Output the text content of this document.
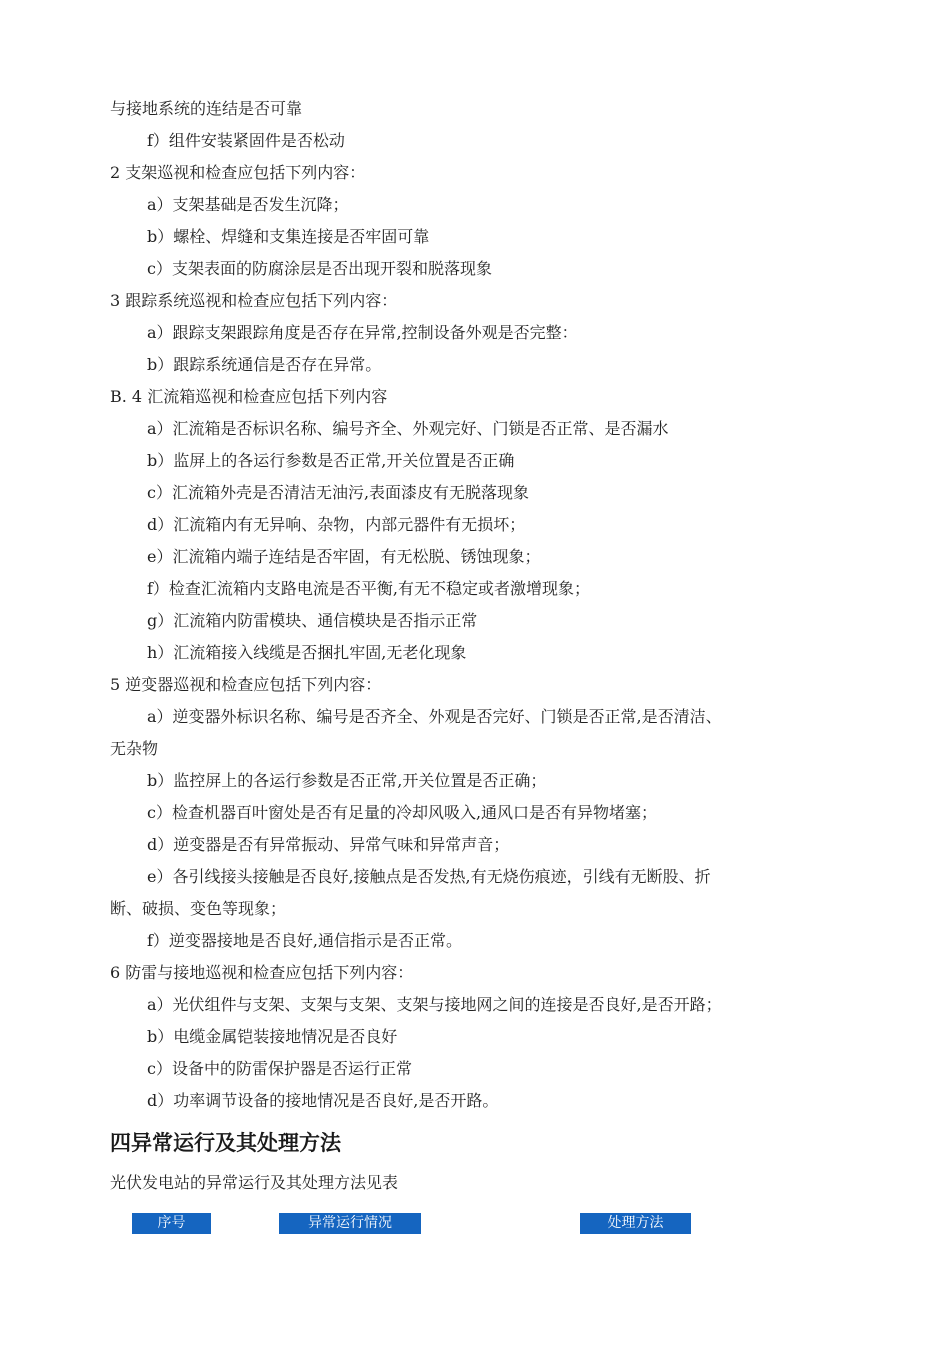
与接地系统的连结是否可靠
f）组件安装紧固件是否松动
2 支架巡视和检查应包括下列内容：
a）支架基础是否发生沉降；
b）螺栓、焊缝和支集连接是否牢固可靠
c）支架表面的防腐涂层是否出现开裂和脱落现象
3 跟踪系统巡视和检查应包括下列内容：
a）跟踪支架跟踪角度是否存在异常,控制设备外观是否完整：
b）跟踪系统通信是否存在异常。
B. 4 汇流箱巡视和检查应包括下列内容
a）汇流箱是否标识名称、编号齐全、外观完好、门锁是否正常、是否漏水
b）监屏上的各运行参数是否正常,开关位置是否正确
c）汇流箱外壳是否清洁无油污,表面漆皮有无脱落现象
d）汇流箱内有无异响、杂物，内部元器件有无损坏；
e）汇流箱内端子连结是否牢固，有无松脱、锈蚀现象；
f）检查汇流箱内支路电流是否平衡,有无不稳定或者激增现象；
g）汇流箱内防雷模块、通信模块是否指示正常
h）汇流箱接入线缆是否捆扎牢固,无老化现象
5 逆变器巡视和检查应包括下列内容：
a）逆变器外标识名称、编号是否齐全、外观是否完好、门锁是否正常,是否清洁、
无杂物
b）监控屏上的各运行参数是否正常,开关位置是否正确；
c）检查机器百叶窗处是否有足量的冷却风吸入,通风口是否有异物堵塞；
d）逆变器是否有异常振动、异常气味和异常声音；
e）各引线接头接触是否良好,接触点是否发热,有无烧伤痕迹，引线有无断股、折
断、破损、变色等现象；
f）逆变器接地是否良好,通信指示是否正常。
6 防雷与接地巡视和检查应包括下列内容：
a）光伏组件与支架、支架与支架、支架与接地网之间的连接是否良好,是否开路；
b）电缆金属铠装接地情况是否良好
c）设备中的防雷保护器是否运行正常
d）功率调节设备的接地情况是否良好,是否开路。
四异常运行及其处理方法
光伏发电站的异常运行及其处理方法见表
序号	异常运行情况	处理方法
